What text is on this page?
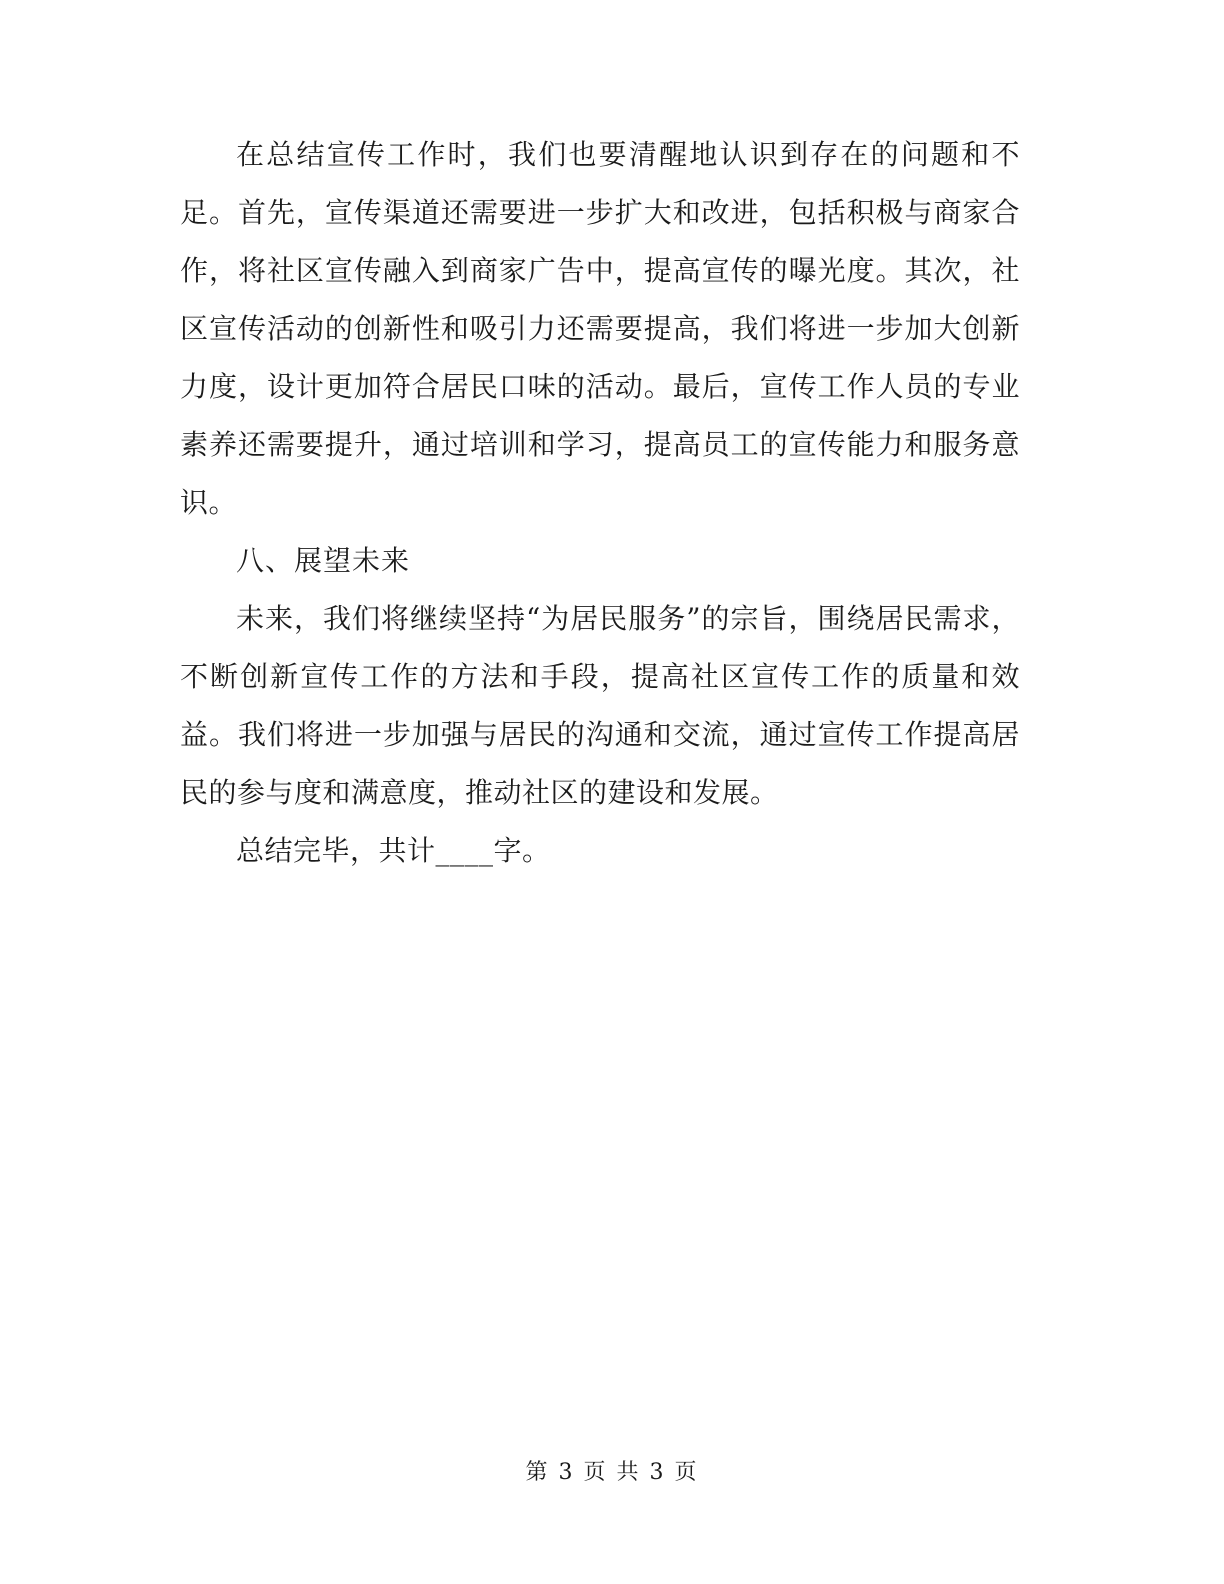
在总结宣传工作时，我们也要清醒地认识到存在的问题和不足。首先，宣传渠道还需要进一步扩大和改进，包括积极与商家合作，将社区宣传融入到商家广告中，提高宣传的曝光度。其次，社区宣传活动的创新性和吸引力还需要提高，我们将进一步加大创新力度，设计更加符合居民口味的活动。最后，宣传工作人员的专业素养还需要提升，通过培训和学习，提高员工的宣传能力和服务意识。

八、展望未来

未来，我们将继续坚持“为居民服务”的宗旨，围绕居民需求，不断创新宣传工作的方法和手段，提高社区宣传工作的质量和效益。我们将进一步加强与居民的沟通和交流，通过宣传工作提高居民的参与度和满意度，推动社区的建设和发展。

总结完毕，共计____字。

第 3 页 共 3 页
